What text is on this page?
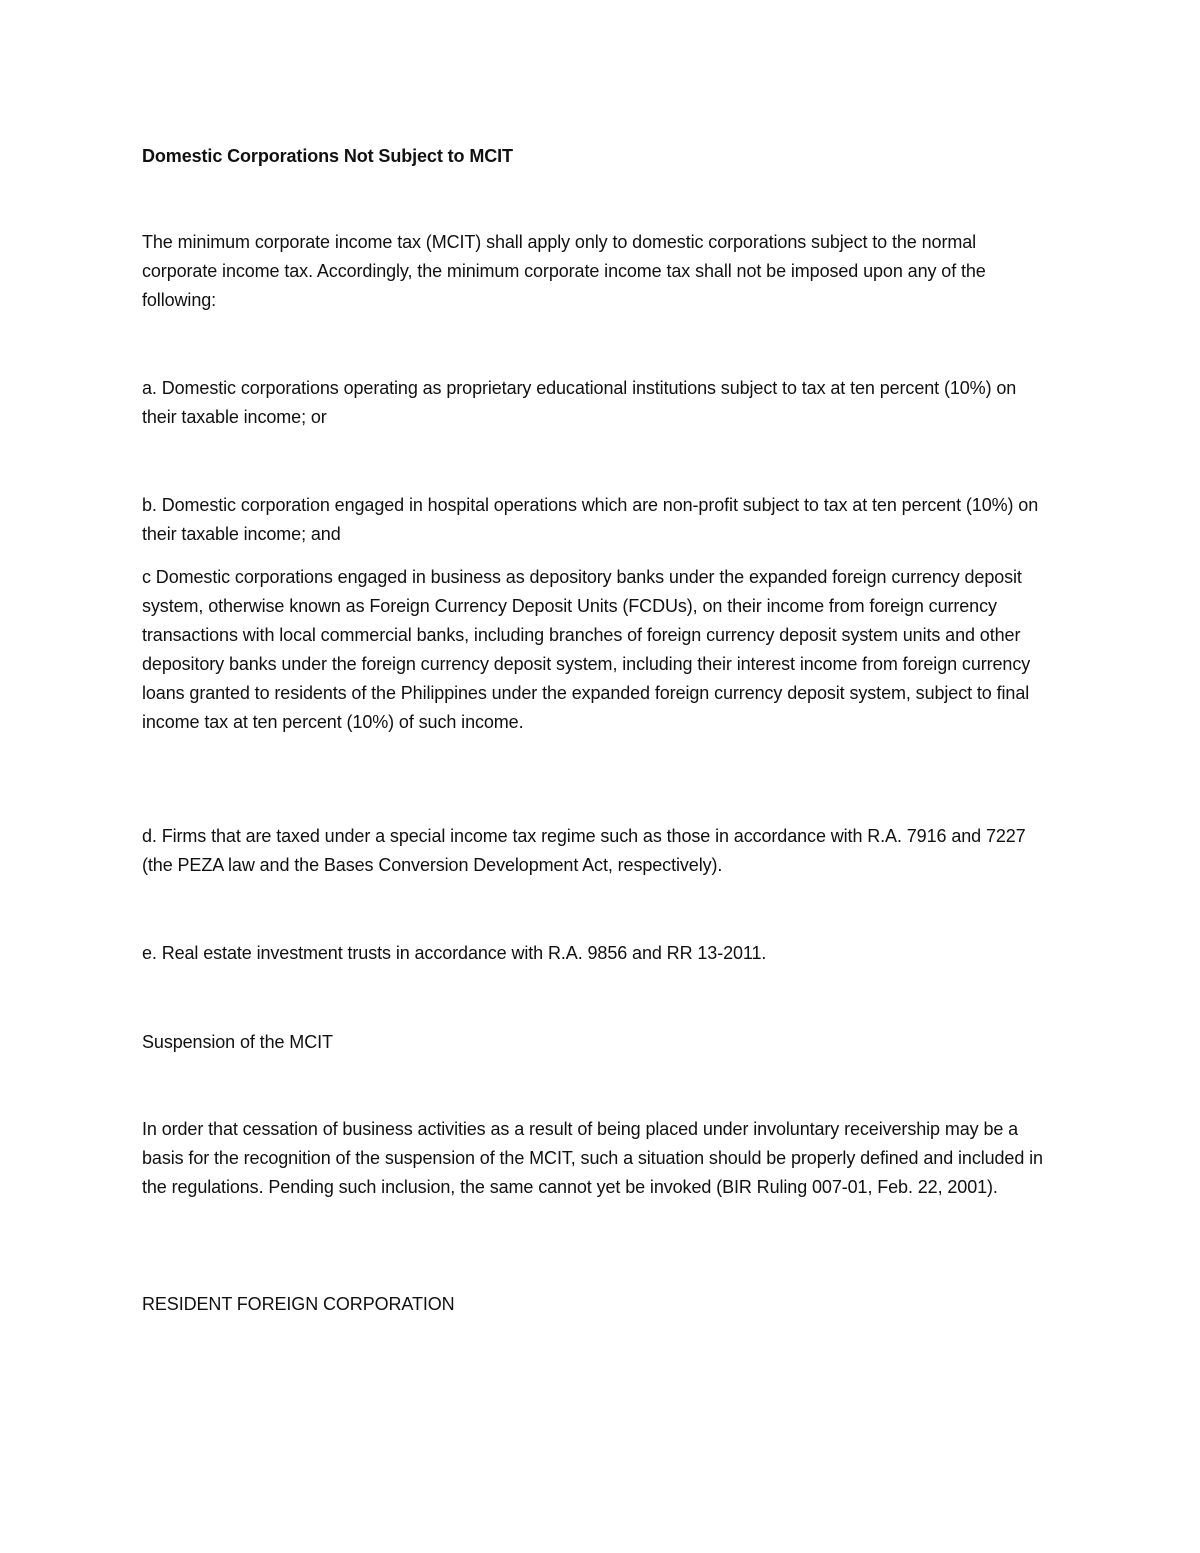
Domestic Corporations Not Subject to MCIT

The minimum corporate income tax (MCIT) shall apply only to domestic corporations subject to the normal corporate income tax. Accordingly, the minimum corporate income tax shall not be imposed upon any of the following:

a. Domestic corporations operating as proprietary educational institutions subject to tax at ten percent (10%) on their taxable income; or

b. Domestic corporation engaged in hospital operations which are non-profit subject to tax at ten percent (10%) on their taxable income; and

c Domestic corporations engaged in business as depository banks under the expanded foreign currency deposit system, otherwise known as Foreign Currency Deposit Units (FCDUs), on their income from foreign currency transactions with local commercial banks, including branches of foreign currency deposit system units and other depository banks under the foreign currency deposit system, including their interest income from foreign currency loans granted to residents of the Philippines under the expanded foreign currency deposit system, subject to final income tax at ten percent (10%) of such income.

d. Firms that are taxed under a special income tax regime such as those in accordance with R.A. 7916 and 7227 (the PEZA law and the Bases Conversion Development Act, respectively).

e. Real estate investment trusts in accordance with R.A. 9856 and RR 13-2011.

Suspension of the MCIT

In order that cessation of business activities as a result of being placed under involuntary receivership may be a basis for the recognition of the suspension of the MCIT, such a situation should be properly defined and included in the regulations. Pending such inclusion, the same cannot yet be invoked (BIR Ruling 007-01, Feb. 22, 2001).

RESIDENT FOREIGN CORPORATION
